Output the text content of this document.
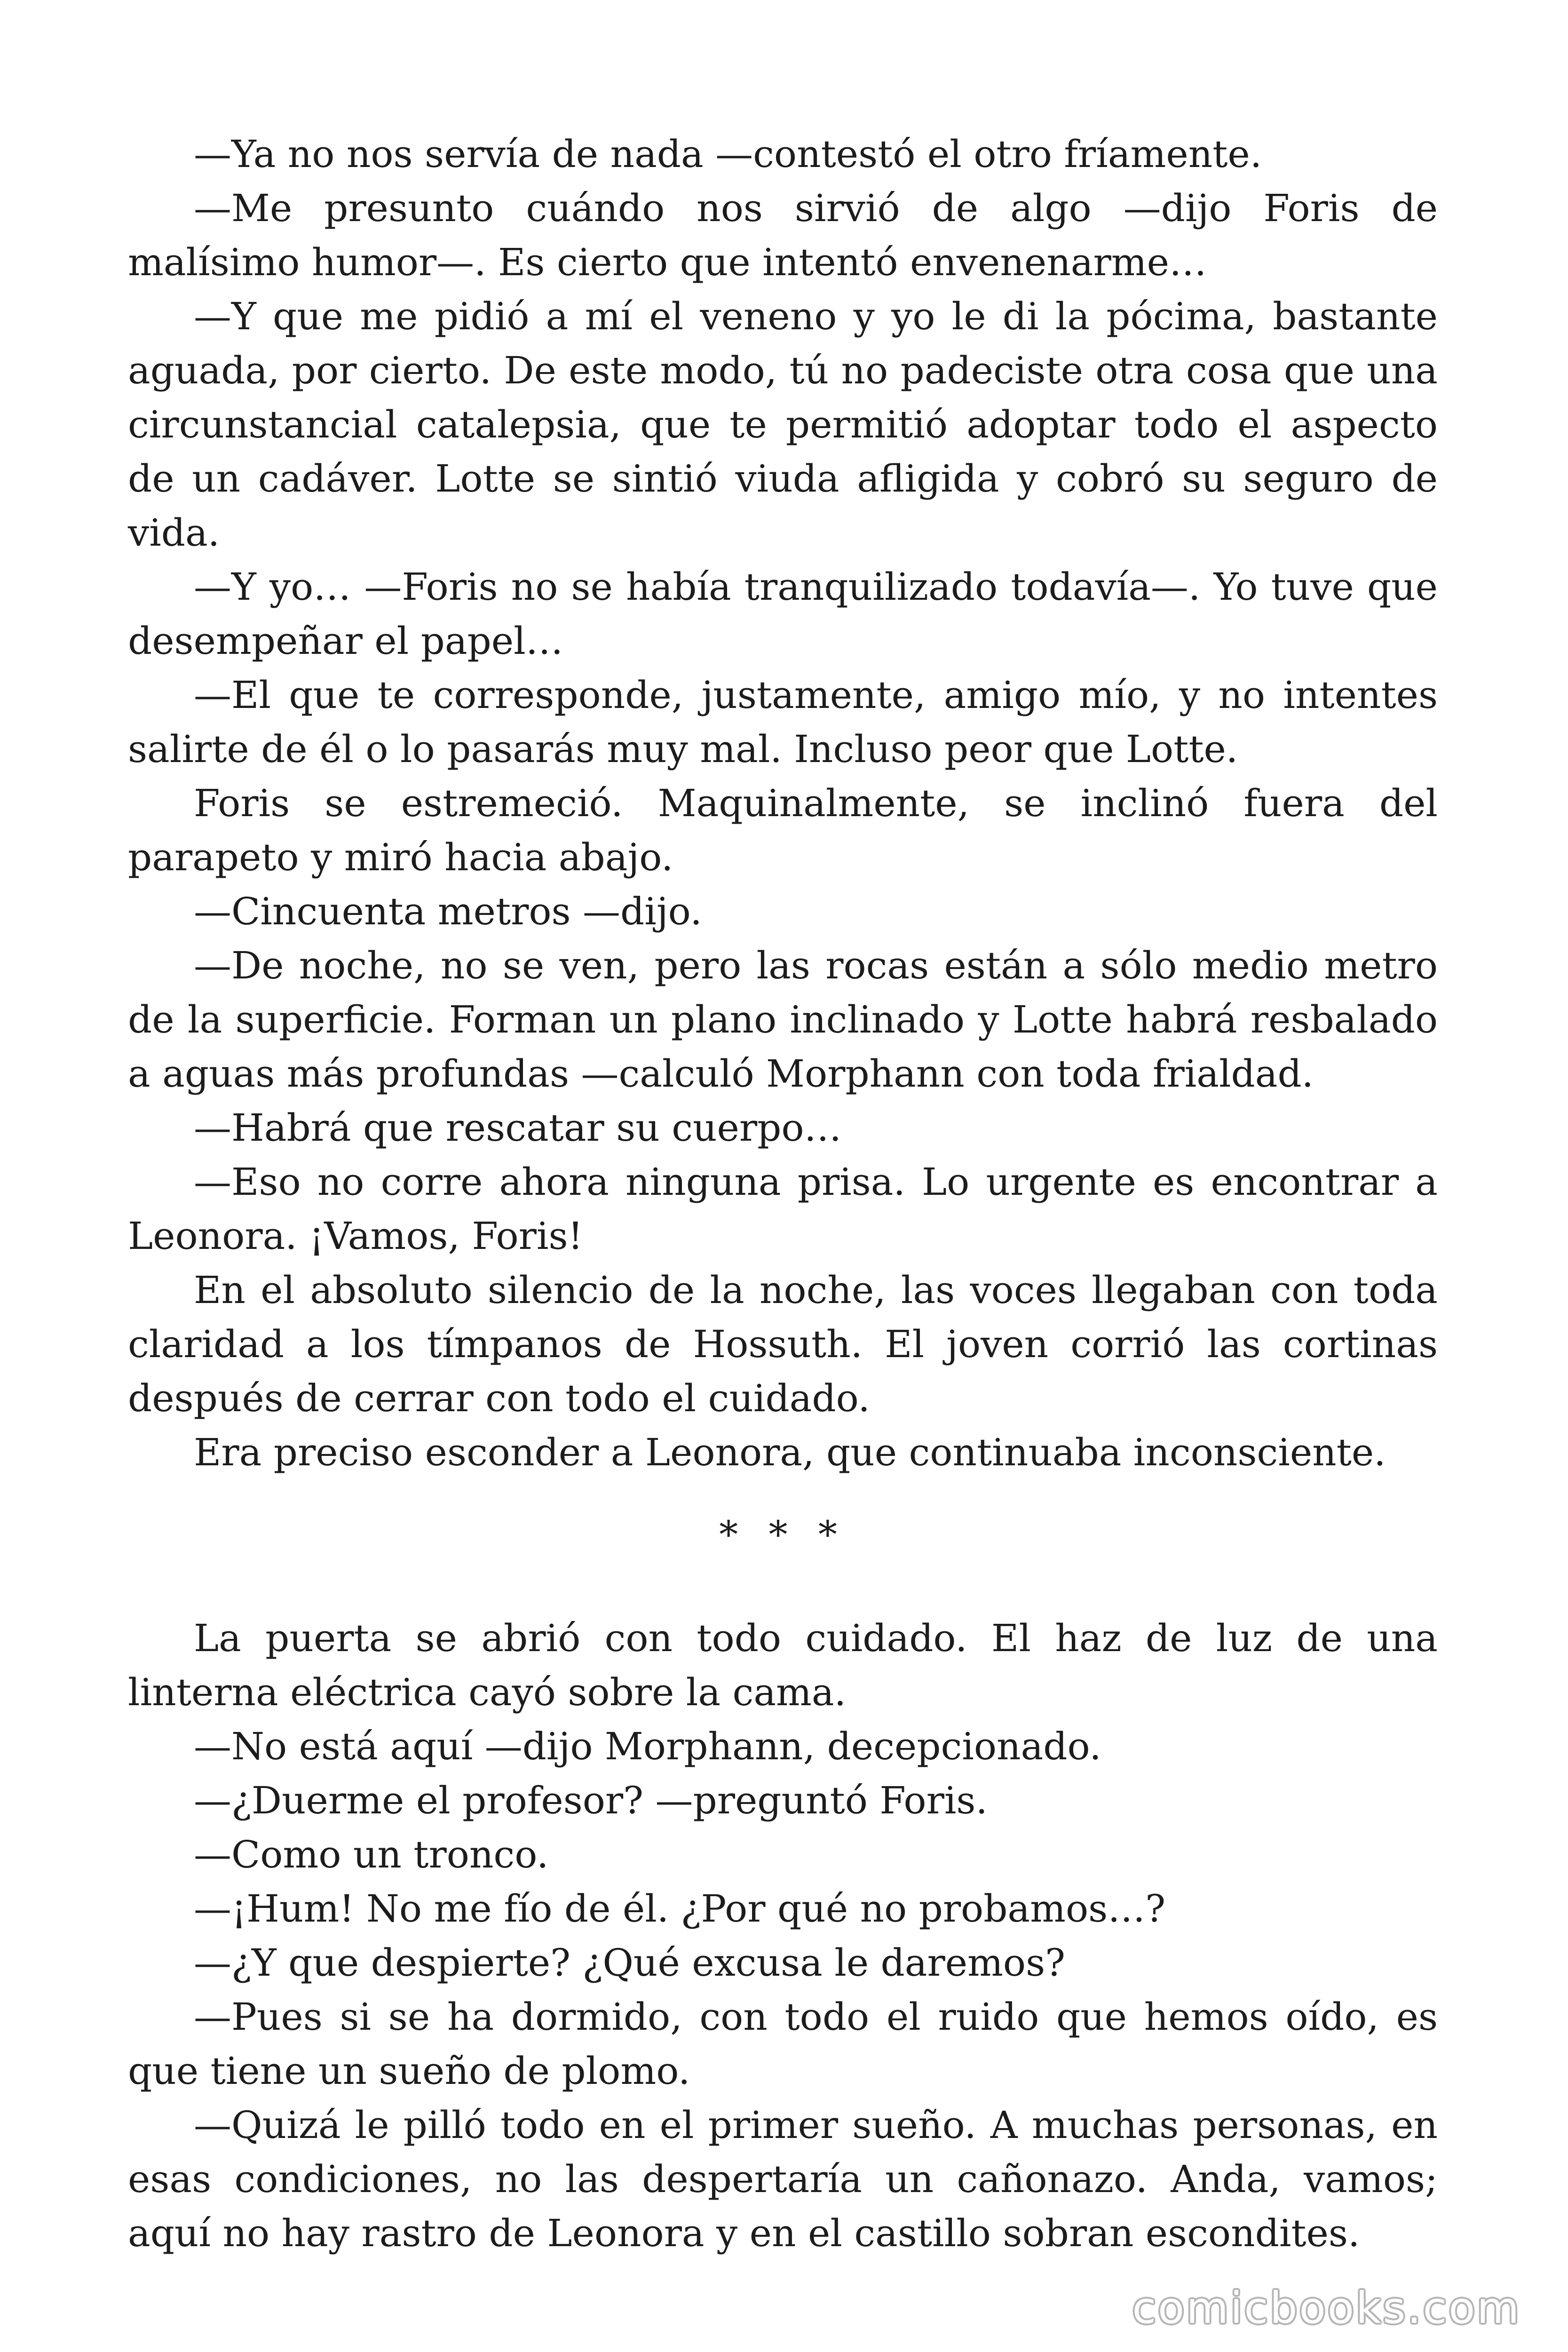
—Ya no nos servía de nada —contestó el otro fríamente.

—Me presunto cuándo nos sirvió de algo —dijo Foris de malísimo humor—. Es cierto que intentó envenenarme…

—Y que me pidió a mí el veneno y yo le di la pócima, bastante aguada, por cierto. De este modo, tú no padeciste otra cosa que una circunstancial catalepsia, que te permitió adoptar todo el aspecto de un cadáver. Lotte se sintió viuda afligida y cobró su seguro de vida.

—Y yo… —Foris no se había tranquilizado todavía—. Yo tuve que desempeñar el papel…

—El que te corresponde, justamente, amigo mío, y no intentes salirte de él o lo pasarás muy mal. Incluso peor que Lotte.

Foris se estremeció. Maquinalmente, se inclinó fuera del parapeto y miró hacia abajo.

—Cincuenta metros —dijo.

—De noche, no se ven, pero las rocas están a sólo medio metro de la superficie. Forman un plano inclinado y Lotte habrá resbalado a aguas más profundas —calculó Morphann con toda frialdad.

—Habrá que rescatar su cuerpo…

—Eso no corre ahora ninguna prisa. Lo urgente es encontrar a Leonora. ¡Vamos, Foris!

En el absoluto silencio de la noche, las voces llegaban con toda claridad a los tímpanos de Hossuth. El joven corrió las cortinas después de cerrar con todo el cuidado.

Era preciso esconder a Leonora, que continuaba inconsciente.

* * *

La puerta se abrió con todo cuidado. El haz de luz de una linterna eléctrica cayó sobre la cama.

—No está aquí —dijo Morphann, decepcionado.

—¿Duerme el profesor? —preguntó Foris.

—Como un tronco.

—¡Hum! No me fío de él. ¿Por qué no probamos…?

—¿Y que despierte? ¿Qué excusa le daremos?

—Pues si se ha dormido, con todo el ruido que hemos oído, es que tiene un sueño de plomo.

—Quizá le pilló todo en el primer sueño. A muchas personas, en esas condiciones, no las despertaría un cañonazo. Anda, vamos; aquí no hay rastro de Leonora y en el castillo sobran escondites.

comicbooks.com
